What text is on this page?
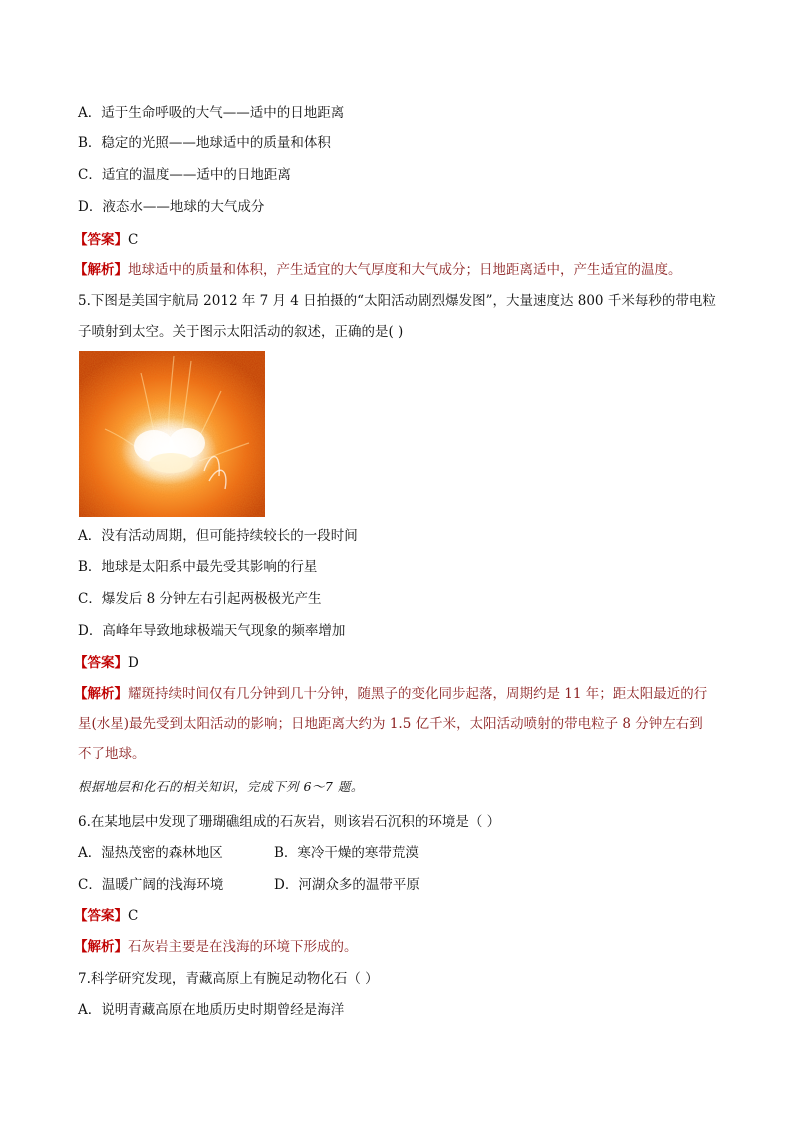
A．适于生命呼吸的大气——适中的日地距离
B．稳定的光照——地球适中的质量和体积
C．适宜的温度——适中的日地距离
D．液态水——地球的大气成分
【答案】C
【解析】地球适中的质量和体积，产生适宜的大气厚度和大气成分；日地距离适中，产生适宜的温度。
5.下图是美国宇航局 2012 年 7 月 4 日拍摄的“太阳活动剧烈爆发图”，大量速度达 800 千米每秒的带电粒
子喷射到太空。关于图示太阳活动的叙述，正确的是( )
A．没有活动周期，但可能持续较长的一段时间
B．地球是太阳系中最先受其影响的行星
C．爆发后 8 分钟左右引起两极极光产生
D．高峰年导致地球极端天气现象的频率增加
【答案】D
【解析】耀斑持续时间仅有几分钟到几十分钟，随黑子的变化同步起落，周期约是 11 年；距太阳最近的行
星(水星)最先受到太阳活动的影响；日地距离大约为 1.5 亿千米，太阳活动喷射的带电粒子 8 分钟左右到
不了地球。
根据地层和化石的相关知识，完成下列 6～7 题。
6.在某地层中发现了珊瑚礁组成的石灰岩，则该岩石沉积的环境是（ ）
A．湿热茂密的森林地区	B．寒冷干燥的寒带荒漠
C．温暖广阔的浅海环境	D．河湖众多的温带平原
【答案】C
【解析】石灰岩主要是在浅海的环境下形成的。
7.科学研究发现，青藏高原上有腕足动物化石（ ）
A．说明青藏高原在地质历史时期曾经是海洋
